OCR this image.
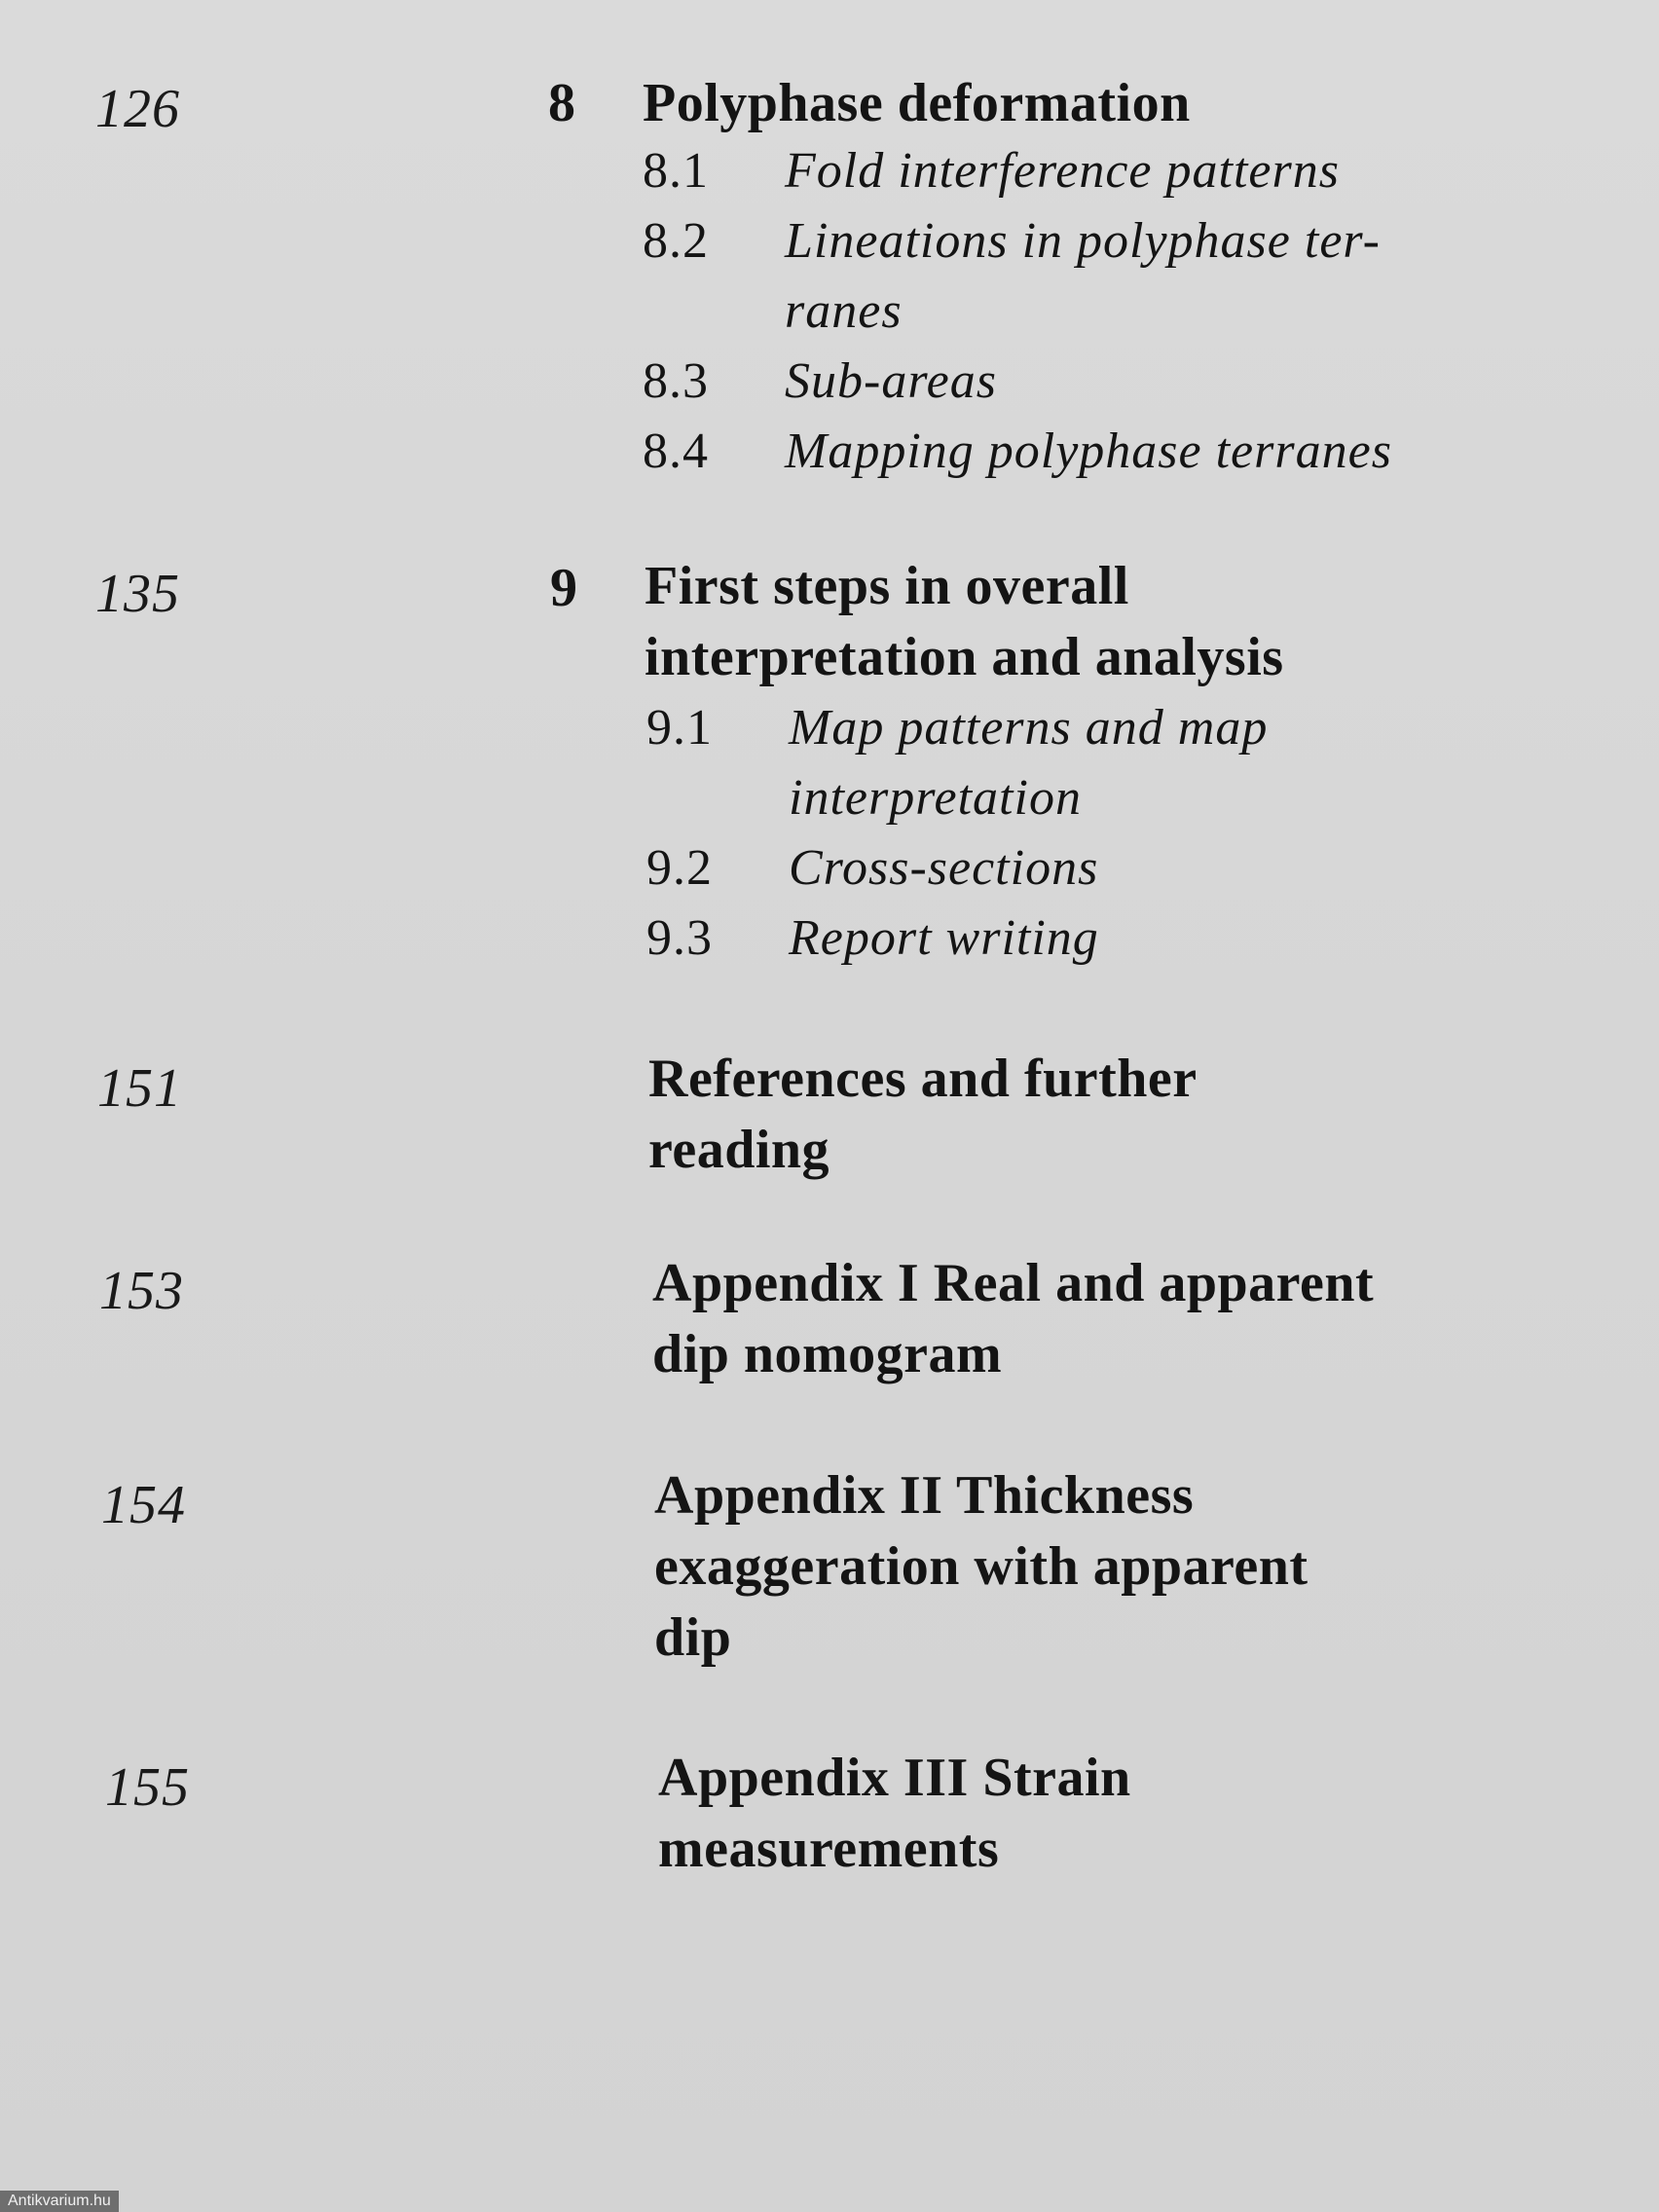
126	8 Polyphase deformation
8.1 Fold interference patterns
8.2 Lineations in polyphase ter-
ranes
8.3 Sub-areas
8.4 Mapping polyphase terranes
135	9 First steps in overall
interpretation and analysis
9.1 Map patterns and map
interpretation
9.2 Cross-sections
9.3 Report writing
151	References and further
reading
153	Appendix I Real and apparent
dip nomogram
154	Appendix II Thickness
exaggeration with apparent
dip
155	Appendix III Strain
measurements
Antikvarium.hu
